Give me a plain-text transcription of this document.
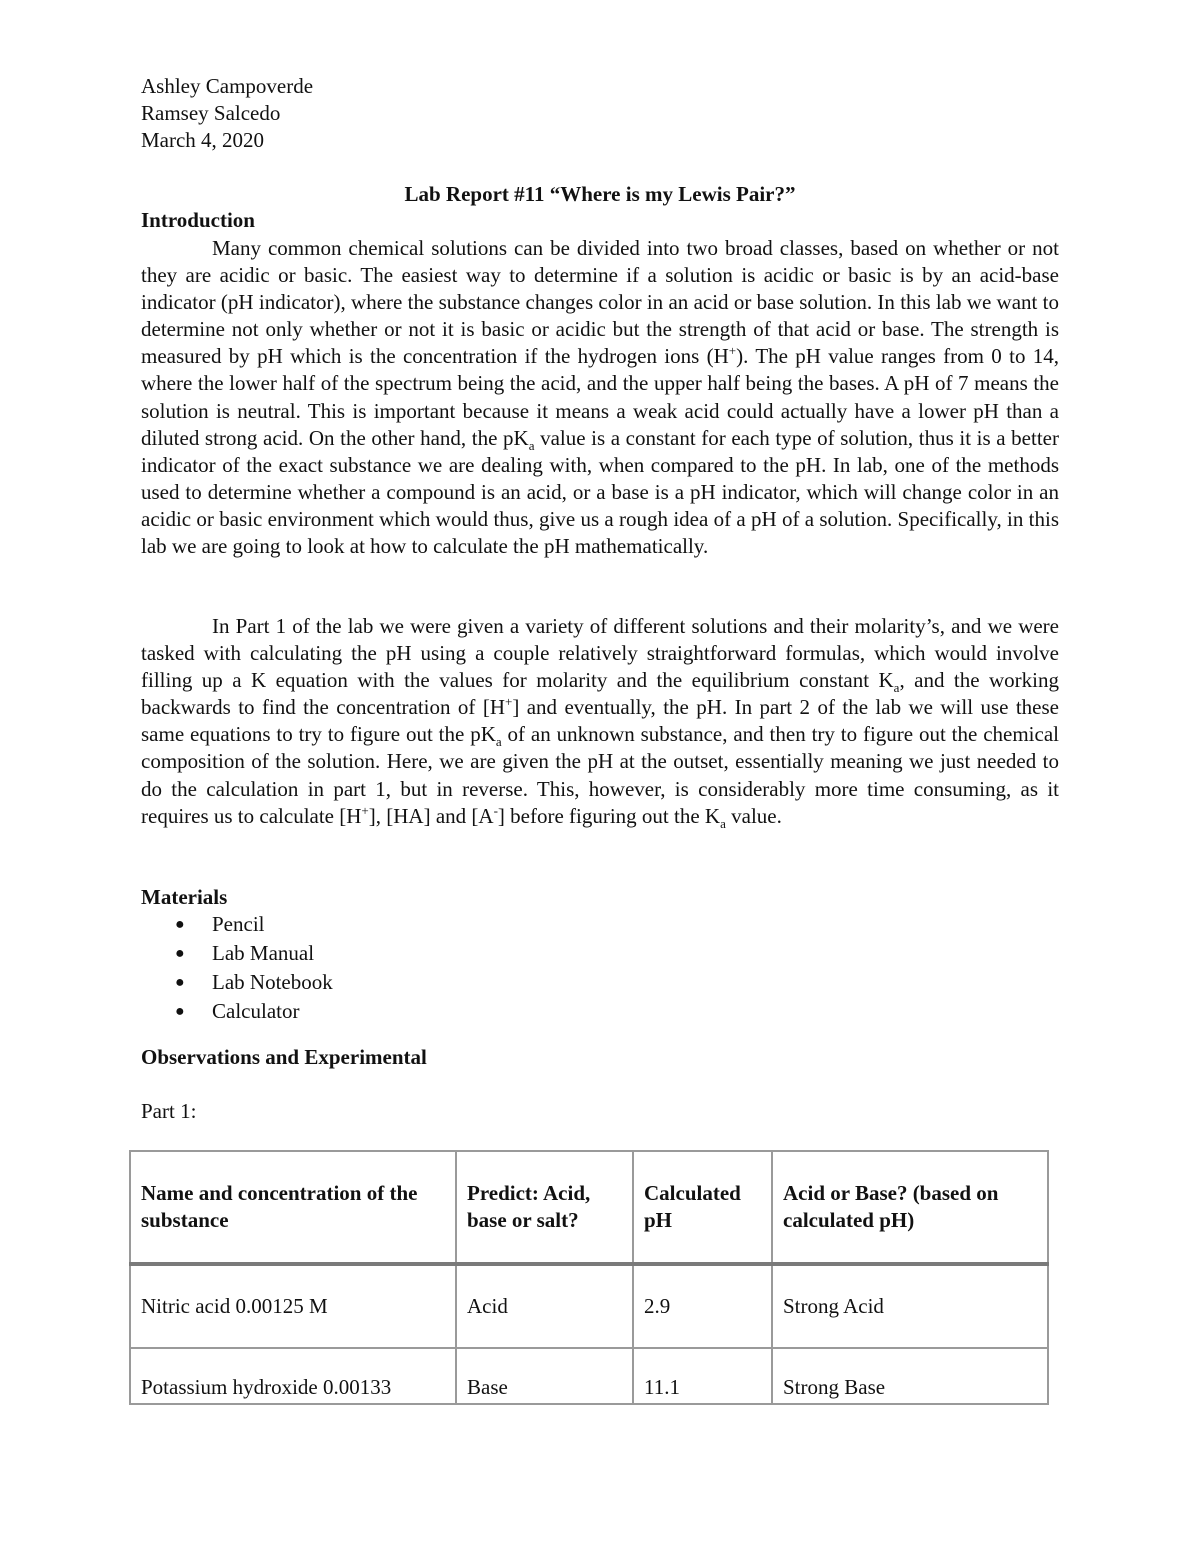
Ashley Campoverde
Ramsey Salcedo
March 4, 2020
Lab Report #11 “Where is my Lewis Pair?”
Introduction

Many common chemical solutions can be divided into two broad classes, based on whether or not they are acidic or basic. The easiest way to determine if a solution is acidic or basic is by an acid-base indicator (pH indicator), where the substance changes color in an acid or base solution. In this lab we want to determine not only whether or not it is basic or acidic but the strength of that acid or base. The strength is measured by pH which is the concentration if the hydrogen ions (H+). The pH value ranges from 0 to 14, where the lower half of the spectrum being the acid, and the upper half being the bases. A pH of 7 means the solution is neutral. This is important because it means a weak acid could actually have a lower pH than a diluted strong acid. On the other hand, the $pK_a$ value is a constant for each type of solution, thus it is a better indicator of the exact substance we are dealing with, when compared to the pH. In lab, one of the methods used to determine whether a compound is an acid, or a base is a pH indicator, which will change color in an acidic or basic environment which would thus, give us a rough idea of a pH of a solution. Specifically, in this lab we are going to look at how to calculate the pH mathematically.

In Part 1 of the lab we were given a variety of different solutions and their molarity’s, and we were tasked with calculating the pH using a couple relatively straightforward formulas, which would involve filling up a K equation with the values for molarity and the equilibrium constant $K_a$, and the working backwards to find the concentration of [H+] and eventually, the pH. In part 2 of the lab we will use these same equations to try to figure out the $pK_a$ of an unknown substance, and then try to figure out the chemical composition of the solution. Here, we are given the pH at the outset, essentially meaning we just needed to do the calculation in part 1, but in reverse. This, however, is considerably more time consuming, as it requires us to calculate [H+], [HA] and [A-] before figuring out the $K_a$ value.

Materials
● Pencil
● Lab Manual
● Lab Notebook
● Calculator
Observations and Experimental
Part 1:
Name and concentration of the substance	Predict: Acid, base or salt?	Calculated pH	Acid or Base? (based on calculated pH)
Nitric acid 0.00125 M	Acid	2.9	Strong Acid
Potassium hydroxide 0.00133	Base	11.1	Strong Base
